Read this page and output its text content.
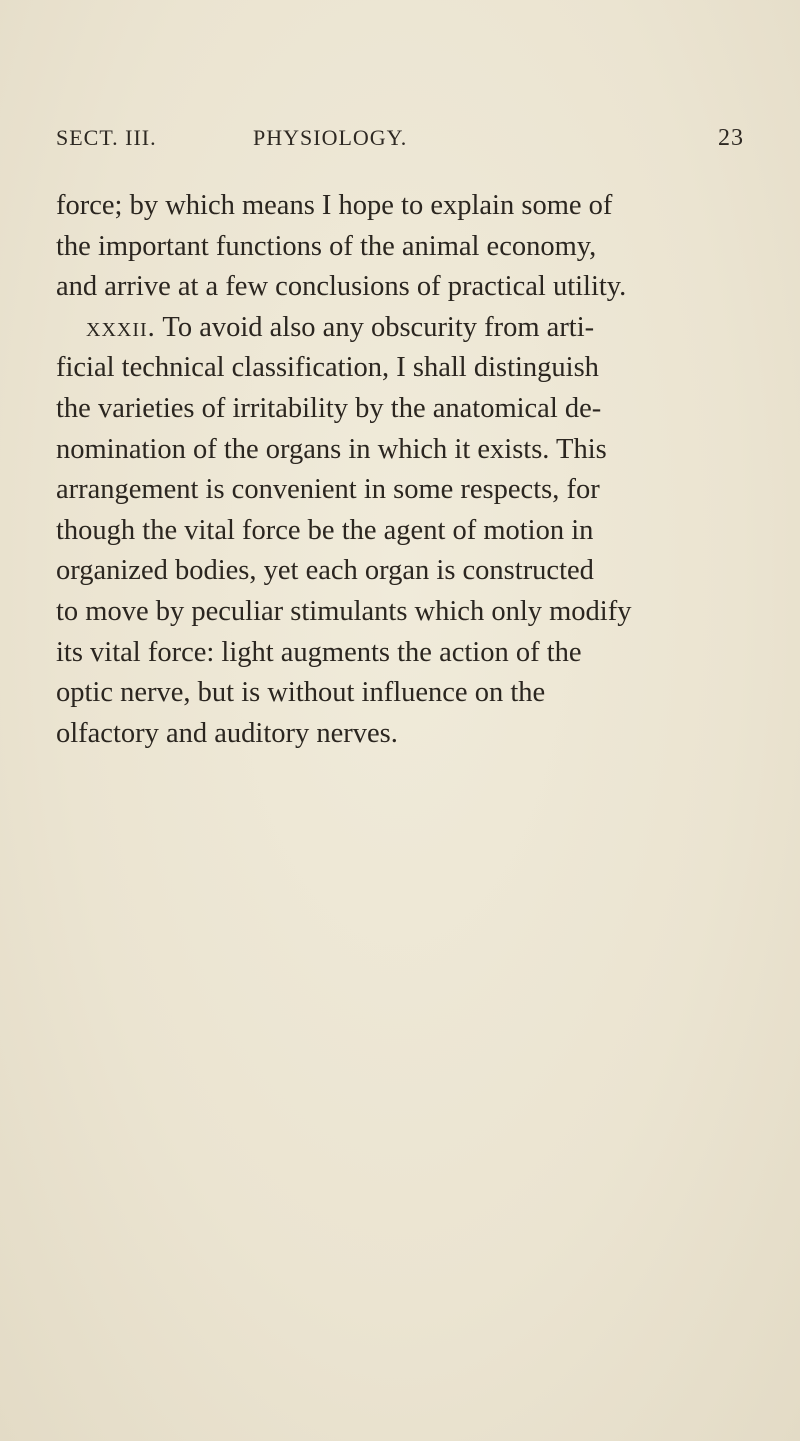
SECT. III.	PHYSIOLOGY.	23
force; by which means I hope to explain some of
the important functions of the animal economy,
and arrive at a few conclusions of practical utility.
xxxii. To avoid also any obscurity from arti-
ficial technical classification, I shall distinguish
the varieties of irritability by the anatomical de-
nomination of the organs in which it exists. This
arrangement is convenient in some respects, for
though the vital force be the agent of motion in
organized bodies, yet each organ is constructed
to move by peculiar stimulants which only modify
its vital force: light augments the action of the
optic nerve, but is without influence on the
olfactory and auditory nerves.
